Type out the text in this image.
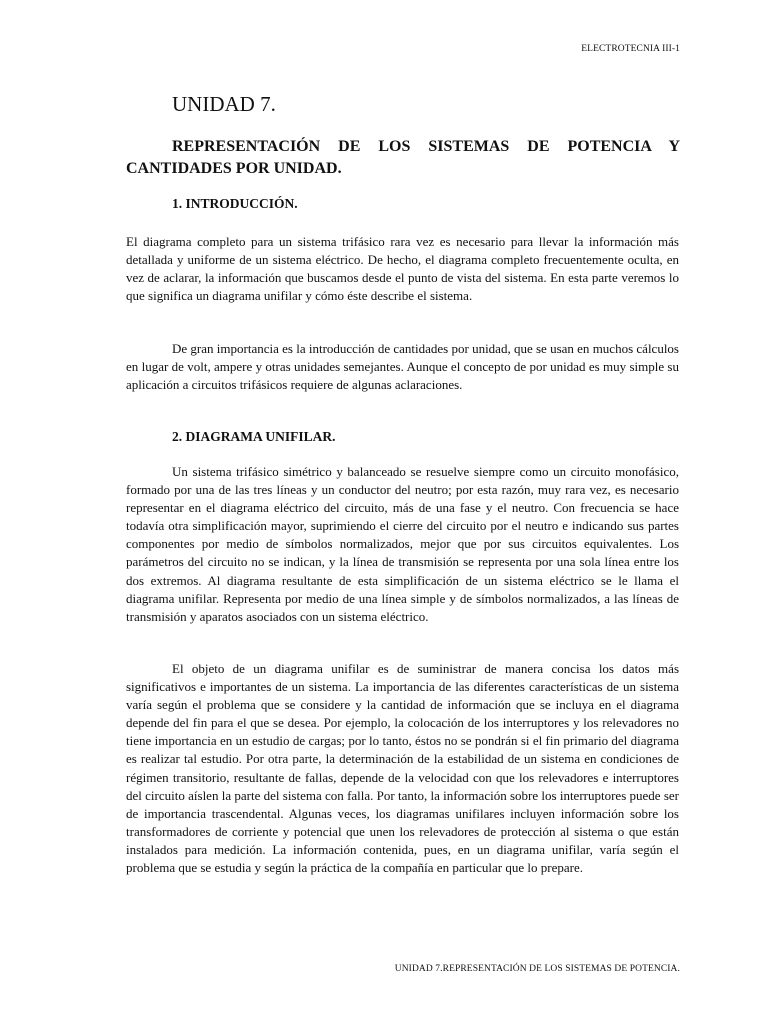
ELECTROTECNIA III-1
UNIDAD 7.
REPRESENTACIÓN DE LOS SISTEMAS DE POTENCIA Y CANTIDADES POR UNIDAD.
1. INTRODUCCIÓN.

El diagrama completo para un sistema trifásico rara vez es necesario para llevar la información más detallada y uniforme de un sistema eléctrico. De hecho, el diagrama completo frecuentemente oculta, en vez de aclarar, la información que buscamos desde el punto de vista del sistema. En esta parte veremos lo que significa un diagrama unifilar y cómo éste describe el sistema.

De gran importancia es la introducción de cantidades por unidad, que se usan en muchos cálculos en lugar de volt, ampere y otras unidades semejantes. Aunque el concepto de por unidad es muy simple su aplicación a circuitos trifásicos requiere de algunas aclaraciones.

2. DIAGRAMA UNIFILAR.

Un sistema trifásico simétrico y balanceado se resuelve siempre como un circuito monofásico, formado por una de las tres líneas y un conductor del neutro; por esta razón, muy rara vez, es necesario representar en el diagrama eléctrico del circuito, más de una fase y el neutro. Con frecuencia se hace todavía otra simplificación mayor, suprimiendo el cierre del circuito por el neutro e indicando sus partes componentes por medio de símbolos normalizados, mejor que por sus circuitos equivalentes. Los parámetros del circuito no se indican, y la línea de transmisión se representa por una sola línea entre los dos extremos. Al diagrama resultante de esta simplificación de un sistema eléctrico se le llama el diagrama unifilar. Representa por medio de una línea simple y de símbolos normalizados, a las líneas de transmisión y aparatos asociados con un sistema eléctrico.

El objeto de un diagrama unifilar es de suministrar de manera concisa los datos más significativos e importantes de un sistema. La importancia de las diferentes características de un sistema varía según el problema que se considere y la cantidad de información que se incluya en el diagrama depende del fin para el que se desea. Por ejemplo, la colocación de los interruptores y los relevadores no tiene importancia en un estudio de cargas; por lo tanto, éstos no se pondrán si el fin primario del diagrama es realizar tal estudio. Por otra parte, la determinación de la estabilidad de un sistema en condiciones de régimen transitorio, resultante de fallas, depende de la velocidad con que los relevadores e interruptores del circuito aíslen la parte del sistema con falla. Por tanto, la información sobre los interruptores puede ser de importancia trascendental. Algunas veces, los diagramas unifilares incluyen información sobre los transformadores de corriente y potencial que unen los relevadores de protección al sistema o que están instalados para medición. La información contenida, pues, en un diagrama unifilar, varía según el problema que se estudia y según la práctica de la compañía en particular que lo prepare.

UNIDAD 7.REPRESENTACIÓN DE LOS SISTEMAS DE POTENCIA.
